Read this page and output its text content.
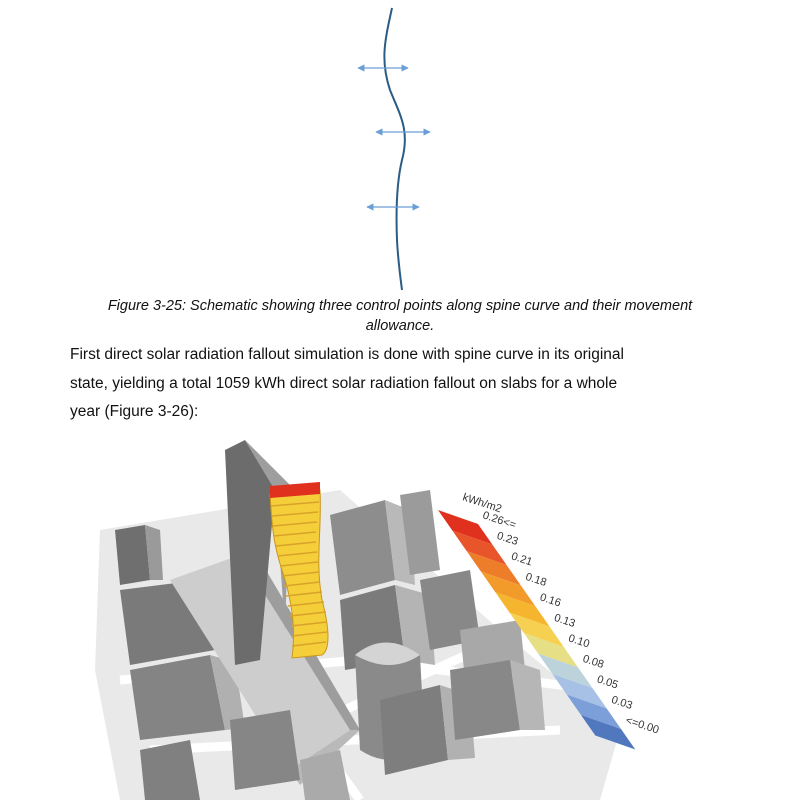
Figure 3-25: Schematic showing three control points along spine curve and their movement
allowance.
First direct solar radiation fallout simulation is done with spine curve in its original
state, yielding a total 1059 kWh direct solar radiation fallout on slabs for a whole
year (Figure 3-26):
kWh/m2
0.26<=
0.23
0.21
0.18
0.16
0.13
0.10
0.08
0.05
0.03
<=0.00
